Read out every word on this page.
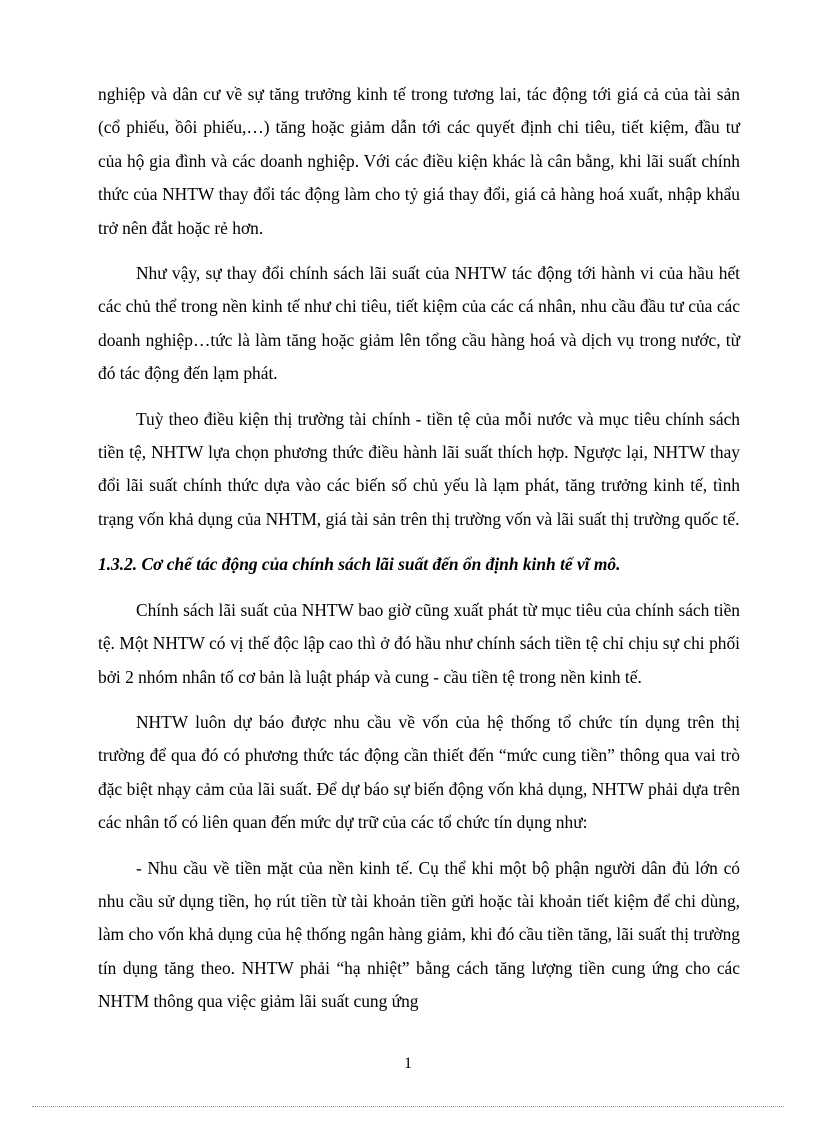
nghiệp và dân cư về sự tăng trưởng kinh tế trong tương lai, tác động tới giá cả của tài sản (cổ phiếu, ồôi phiếu,…) tăng hoặc giảm dẫn tới các quyết định chi tiêu, tiết kiệm, đầu tư của hộ gia đình và các doanh nghiệp. Với các điều kiện khác là cân bằng, khi lãi suất chính thức của NHTW thay đổi tác động làm cho tỷ giá thay đổi, giá cả hàng hoá xuất, nhập khẩu trở nên đắt hoặc rẻ hơn.

Như vậy, sự thay đổi chính sách lãi suất của NHTW tác động tới hành vi của hầu hết các chủ thể trong nền kinh tế như chi tiêu, tiết kiệm của các cá nhân, nhu cầu đầu tư của các doanh nghiệp…tức là làm tăng hoặc giảm lên tổng cầu hàng hoá và dịch vụ trong nước, từ đó tác động đến lạm phát.

Tuỳ theo điều kiện thị trường tài chính - tiền tệ của mỗi nước và mục tiêu chính sách tiền tệ, NHTW lựa chọn phương thức điều hành lãi suất thích hợp. Ngược lại, NHTW thay đổi lãi suất chính thức dựa vào các biến số chủ yếu là lạm phát, tăng trưởng kinh tế, tình trạng vốn khả dụng của NHTM, giá tài sản trên thị trường vốn và lãi suất thị trường quốc tế.

1.3.2. Cơ chế tác động của chính sách lãi suất đến ổn định kinh tế vĩ mô.

Chính sách lãi suất của NHTW bao giờ cũng xuất phát từ mục tiêu của chính sách tiền tệ. Một NHTW có vị thế độc lập cao thì ở đó hầu như chính sách tiền tệ chỉ chịu sự chi phối bởi 2 nhóm nhân tố cơ bản là luật pháp và cung - cầu tiền tệ trong nền kinh tế.

NHTW luôn dự báo được nhu cầu về vốn của hệ thống tổ chức tín dụng trên thị trường để qua đó có phương thức tác động cần thiết đến “mức cung tiền” thông qua vai trò đặc biệt nhạy cảm của lãi suất. Để dự báo sự biến động vốn khả dụng, NHTW phải dựa trên các nhân tố có liên quan đến mức dự trữ của các tổ chức tín dụng như:

- Nhu cầu về tiền mặt của nền kinh tế. Cụ thể khi một bộ phận người dân đủ lớn có nhu cầu sử dụng tiền, họ rút tiền từ tài khoản tiền gửi hoặc tài khoản tiết kiệm để chi dùng, làm cho vốn khả dụng của hệ thống ngân hàng giảm, khi đó cầu tiền tăng, lãi suất thị trường tín dụng tăng theo. NHTW phải “hạ nhiệt” bằng cách tăng lượng tiền cung ứng cho các NHTM thông qua việc giảm lãi suất cung ứng

1
